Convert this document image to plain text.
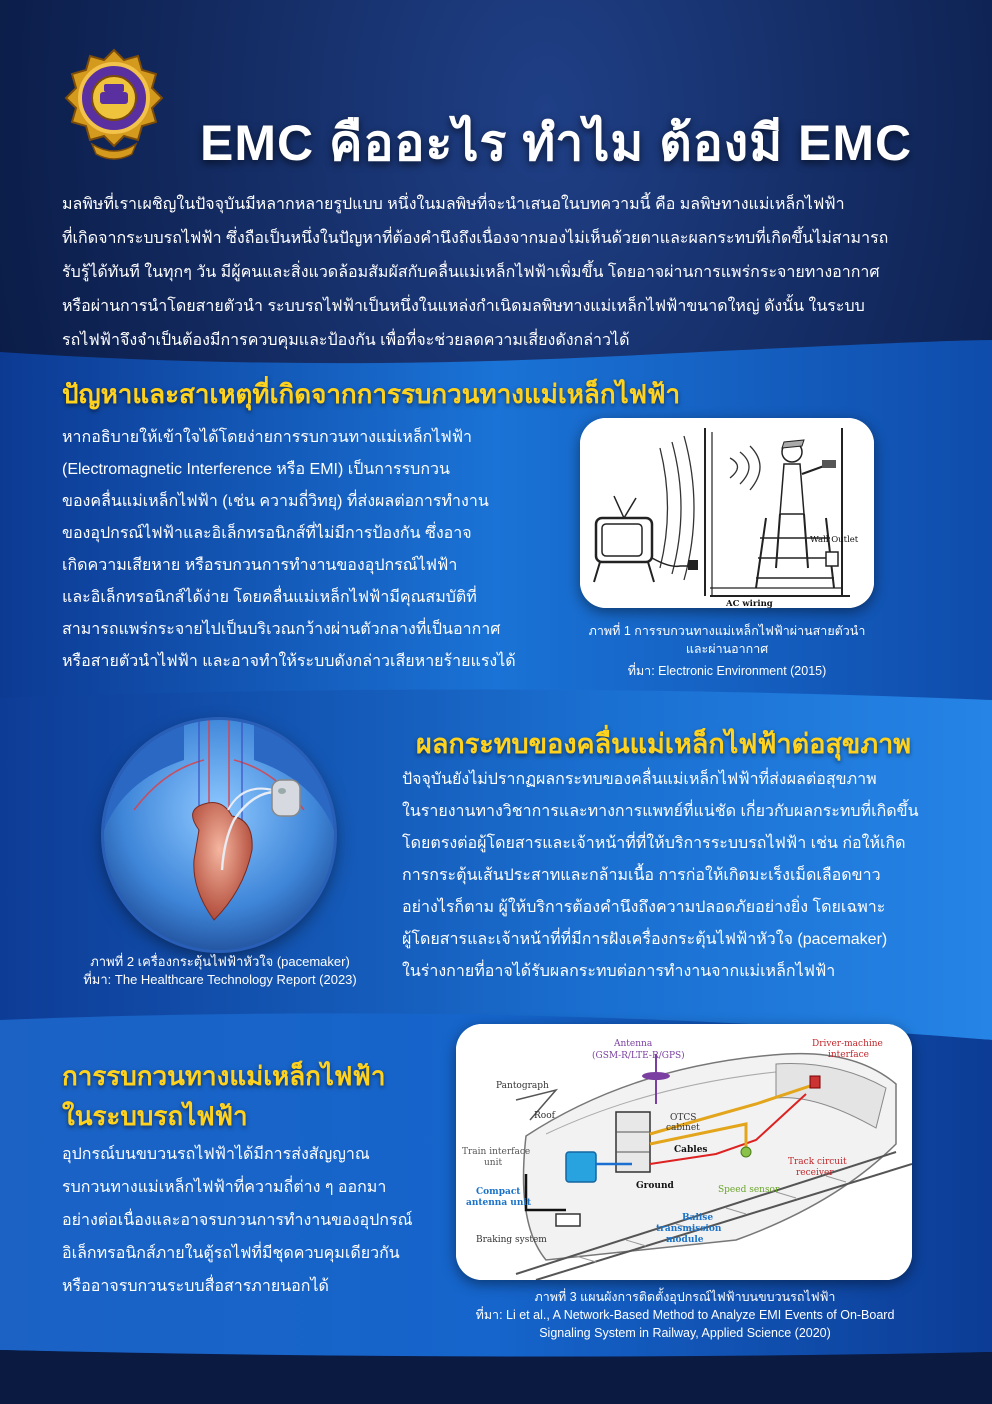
EMC คืออะไร ทำไม ต้องมี EMC

มลพิษที่เราเผชิญในปัจจุบันมีหลากหลายรูปแบบ หนึ่งในมลพิษที่จะนำเสนอในบทความนี้ คือ มลพิษทางแม่เหล็กไฟฟ้า

ที่เกิดจากระบบรถไฟฟ้า ซึ่งถือเป็นหนึ่งในปัญหาที่ต้องคำนึงถึงเนื่องจากมองไม่เห็นด้วยตาและผลกระทบที่เกิดขึ้นไม่สามารถ

รับรู้ได้ทันที ในทุกๆ วัน มีผู้คนและสิ่งแวดล้อมสัมผัสกับคลื่นแม่เหล็กไฟฟ้าเพิ่มขึ้น โดยอาจผ่านการแพร่กระจายทางอากาศ

หรือผ่านการนำโดยสายตัวนำ ระบบรถไฟฟ้าเป็นหนึ่งในแหล่งกำเนิดมลพิษทางแม่เหล็กไฟฟ้าขนาดใหญ่ ดังนั้น ในระบบ

รถไฟฟ้าจึงจำเป็นต้องมีการควบคุมและป้องกัน เพื่อที่จะช่วยลดความเสี่ยงดังกล่าวได้

ปัญหาและสาเหตุที่เกิดจากการรบกวนทางแม่เหล็กไฟฟ้า

หากอธิบายให้เข้าใจได้โดยง่ายการรบกวนทางแม่เหล็กไฟฟ้า

(Electromagnetic Interference หรือ EMI) เป็นการรบกวน

ของคลื่นแม่เหล็กไฟฟ้า (เช่น ความถี่วิทยุ) ที่ส่งผลต่อการทำงาน

ของอุปกรณ์ไฟฟ้าและอิเล็กทรอนิกส์ที่ไม่มีการป้องกัน ซึ่งอาจ

เกิดความเสียหาย หรือรบกวนการทำงานของอุปกรณ์ไฟฟ้า

และอิเล็กทรอนิกส์ได้ง่าย โดยคลื่นแม่เหล็กไฟฟ้ามีคุณสมบัติที่

สามารถแพร่กระจายไปเป็นบริเวณกว้างผ่านตัวกลางที่เป็นอากาศ

หรือสายตัวนำไฟฟ้า และอาจทำให้ระบบดังกล่าวเสียหายร้ายแรงได้

Wall Outlet
AC wiring

ภาพที่ 1 การรบกวนทางแม่เหล็กไฟฟ้าผ่านสายตัวนำ

และผ่านอากาศ

ที่มา: Electronic Environment (2015)

ภาพที่ 2 เครื่องกระตุ้นไฟฟ้าหัวใจ (pacemaker)

ที่มา: The Healthcare Technology Report (2023)

ผลกระทบของคลื่นแม่เหล็กไฟฟ้าต่อสุขภาพ

ปัจจุบันยังไม่ปรากฏผลกระทบของคลื่นแม่เหล็กไฟฟ้าที่ส่งผลต่อสุขภาพ

ในรายงานทางวิชาการและทางการแพทย์ที่แน่ชัด เกี่ยวกับผลกระทบที่เกิดขึ้น

โดยตรงต่อผู้โดยสารและเจ้าหน้าที่ที่ให้บริการระบบรถไฟฟ้า เช่น ก่อให้เกิด

การกระตุ้นเส้นประสาทและกล้ามเนื้อ การก่อให้เกิดมะเร็งเม็ดเลือดขาว

อย่างไรก็ตาม ผู้ให้บริการต้องคำนึงถึงความปลอดภัยอย่างยิ่ง โดยเฉพาะ

ผู้โดยสารและเจ้าหน้าที่ที่มีการฝังเครื่องกระตุ้นไฟฟ้าหัวใจ (pacemaker)

ในร่างกายที่อาจได้รับผลกระทบต่อการทำงานจากแม่เหล็กไฟฟ้า

การรบกวนทางแม่เหล็กไฟฟ้า
ในระบบรถไฟฟ้า

อุปกรณ์บนขบวนรถไฟฟ้าได้มีการส่งสัญญาณ

รบกวนทางแม่เหล็กไฟฟ้าที่ความถี่ต่าง ๆ ออกมา

อย่างต่อเนื่องและอาจรบกวนการทำงานของอุปกรณ์

อิเล็กทรอนิกส์ภายในตู้รถไฟที่มีชุดควบคุมเดียวกัน

หรืออาจรบกวนระบบสื่อสารภายนอกได้

Antenna
(GSM-R/LTE-R/GPS)
Driver-machine
interface
Pantograph
Roof	OTCS
cabinet
Cables
Train interface
unit	Track circuit
receiver
Ground	Speed sensor
Compact
antenna unit
Balise
transmission
module
Braking system

ภาพที่ 3 แผนผังการติดตั้งอุปกรณ์ไฟฟ้าบนขบวนรถไฟฟ้า

ที่มา: Li et al., A Network-Based Method to Analyze EMI Events of On-Board

Signaling System in Railway, Applied Science (2020)
